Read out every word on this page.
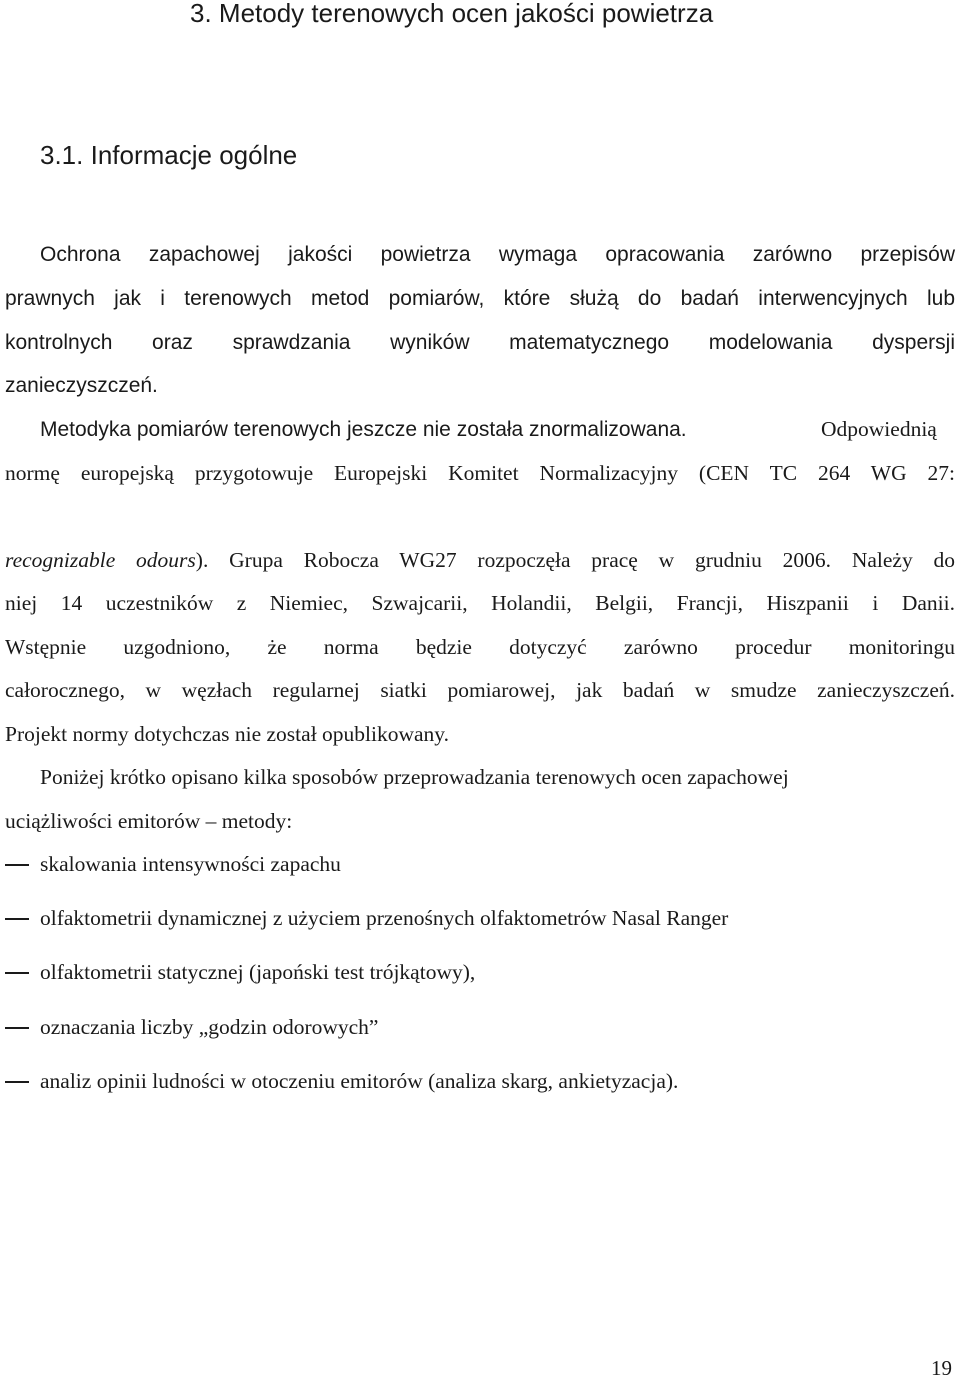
3. Metody terenowych ocen jakości powietrza
3.1. Informacje ogólne

Ochrona zapachowej jakości powietrza wymaga opracowania zarówno przepisów

prawnych jak i terenowych metod pomiarów, które służą do badań interwencyjnych lub

kontrolnych oraz sprawdzania wyników matematycznego modelowania dyspersji

zanieczyszczeń.

Metodyka pomiarów terenowych jeszcze nie została znormalizowana.	Odpowiednią

normę europejską przygotowuje Europejski Komitet Normalizacyjny (CEN TC 264 WG 27:

recognizable odours). Grupa Robocza WG27 rozpoczęła pracę w grudniu 2006. Należy do

niej 14 uczestników z Niemiec, Szwajcarii, Holandii, Belgii, Francji, Hiszpanii i Danii.

Wstępnie uzgodniono, że norma będzie dotyczyć zarówno procedur monitoringu

całorocznego, w węzłach regularnej siatki pomiarowej, jak badań w smudze zanieczyszczeń.

Projekt normy dotychczas nie został opublikowany.

Poniżej krótko opisano kilka sposobów przeprowadzania terenowych ocen zapachowej

uciążliwości emitorów – metody:

skalowania intensywności zapachu

olfaktometrii dynamicznej z użyciem przenośnych olfaktometrów Nasal Ranger

olfaktometrii statycznej (japoński test trójkątowy),

oznaczania liczby „godzin odorowych”

analiz opinii ludności w otoczeniu emitorów (analiza skarg, ankietyzacja).

19
